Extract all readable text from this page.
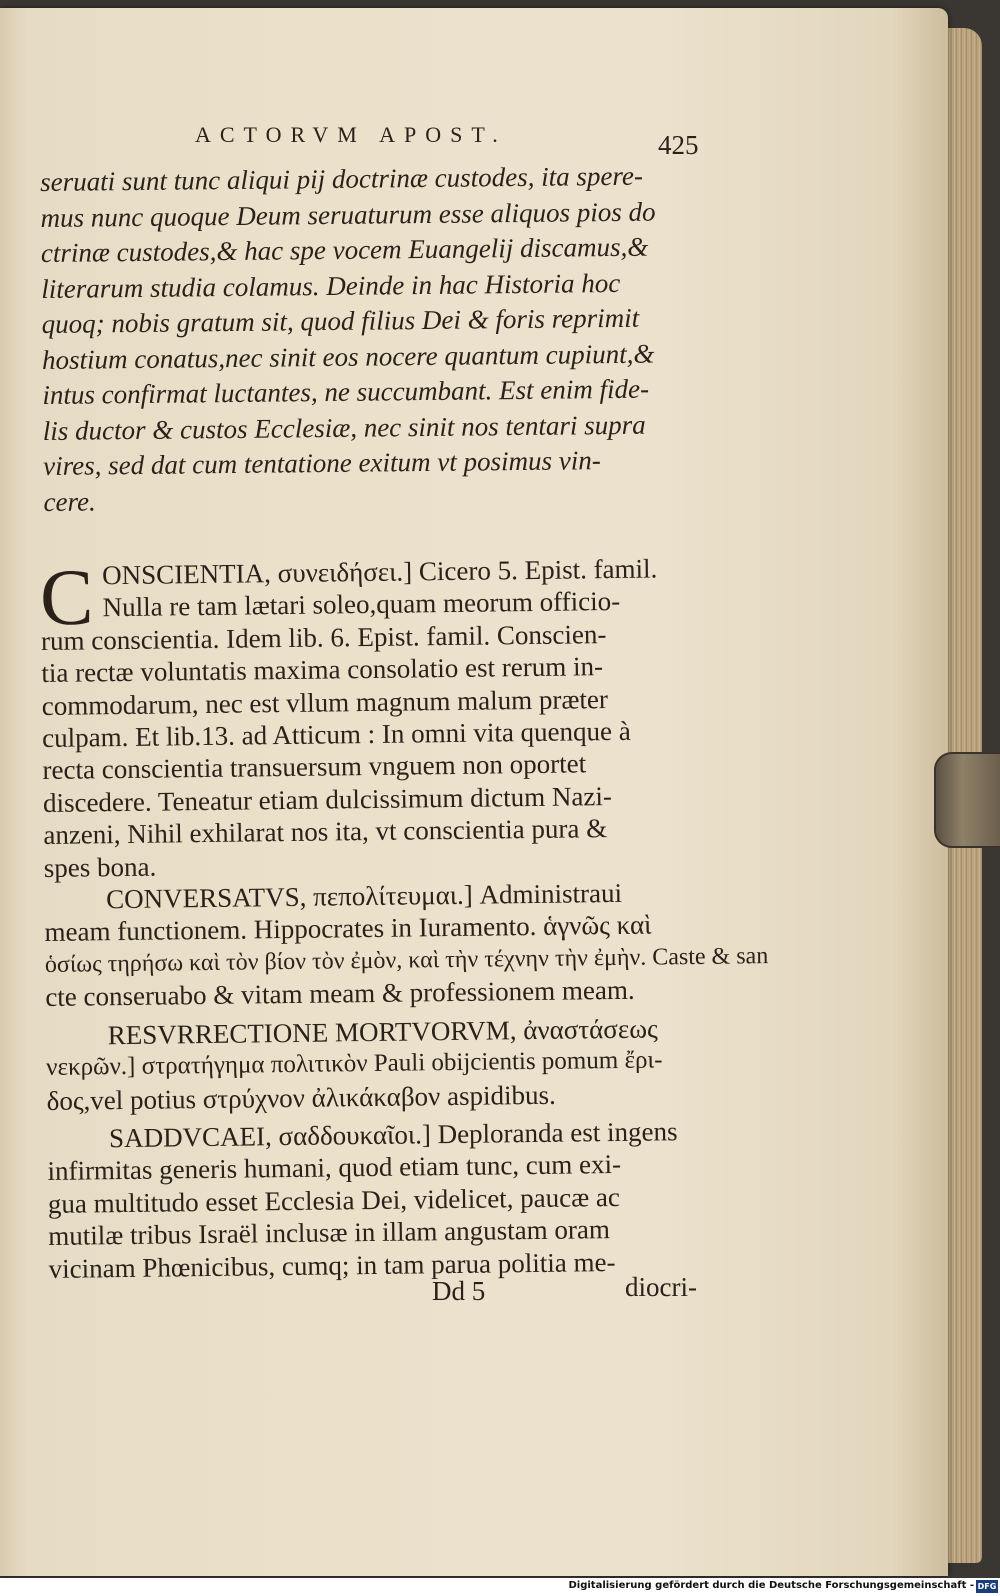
ACTORVM APOST.	425
seruati sunt tunc aliqui pij doctrinæ custodes, ita spere-
mus nunc quoque Deum seruaturum esse aliquos pios do
ctrinæ custodes,& hac spe vocem Euangelij discamus,&
literarum studia colamus. Deinde in hac Historia hoc
quoq; nobis gratum sit, quod filius Dei & foris reprimit
hostium conatus,nec sinit eos nocere quantum cupiunt,&
intus confirmat luctantes, ne succumbant. Est enim fide-
lis ductor & custos Ecclesiæ, nec sinit nos tentari supra
vires, sed dat cum tentatione exitum vt posimus vin-
cere.
C ONSCIENTIA, συνειδήσει.] Cicero 5. Epist. famil.
Nulla re tam lætari soleo,quam meorum officio-
rum conscientia. Idem lib. 6. Epist. famil. Conscien-
tia rectæ voluntatis maxima consolatio est rerum in-
commodarum, nec est vllum magnum malum præter
culpam. Et lib.13. ad Atticum : In omni vita quenque à
recta conscientia transuersum vnguem non oportet
discedere. Teneatur etiam dulcissimum dictum Nazi-
anzeni, Nihil exhilarat nos ita, vt conscientia pura &
spes bona.
CONVERSATVS, πεπολίτευμαι.] Administraui
meam functionem. Hippocrates in Iuramento. ἁγνῶς καὶ
ὁσίως τηρήσω καὶ τὸν βίον τὸν ἐμὸν, καὶ τὴν τέχνην τὴν ἐμὴν. Caste & san
cte conseruabo & vitam meam & professionem meam.
RESVRRECTIONE MORTVORVM, ἀναστάσεως
νεκρῶν.] στρατήγημα πολιτικὸν Pauli obijcientis pomum ἔρι-
δος,vel potius στρύχνον ἀλικάκαβον aspidibus.
SADDVCAEI, σαδδουκαῖοι.] Deploranda est ingens
infirmitas generis humani, quod etiam tunc, cum exi-
gua multitudo esset Ecclesia Dei, videlicet, paucæ ac
mutilæ tribus Israël inclusæ in illam angustam oram
vicinam Phœnicibus, cumq; in tam parua politia me-
Dd 5	diocri-
Digitalisierung gefördert durch die Deutsche Forschungsgemeinschaft - DFG
